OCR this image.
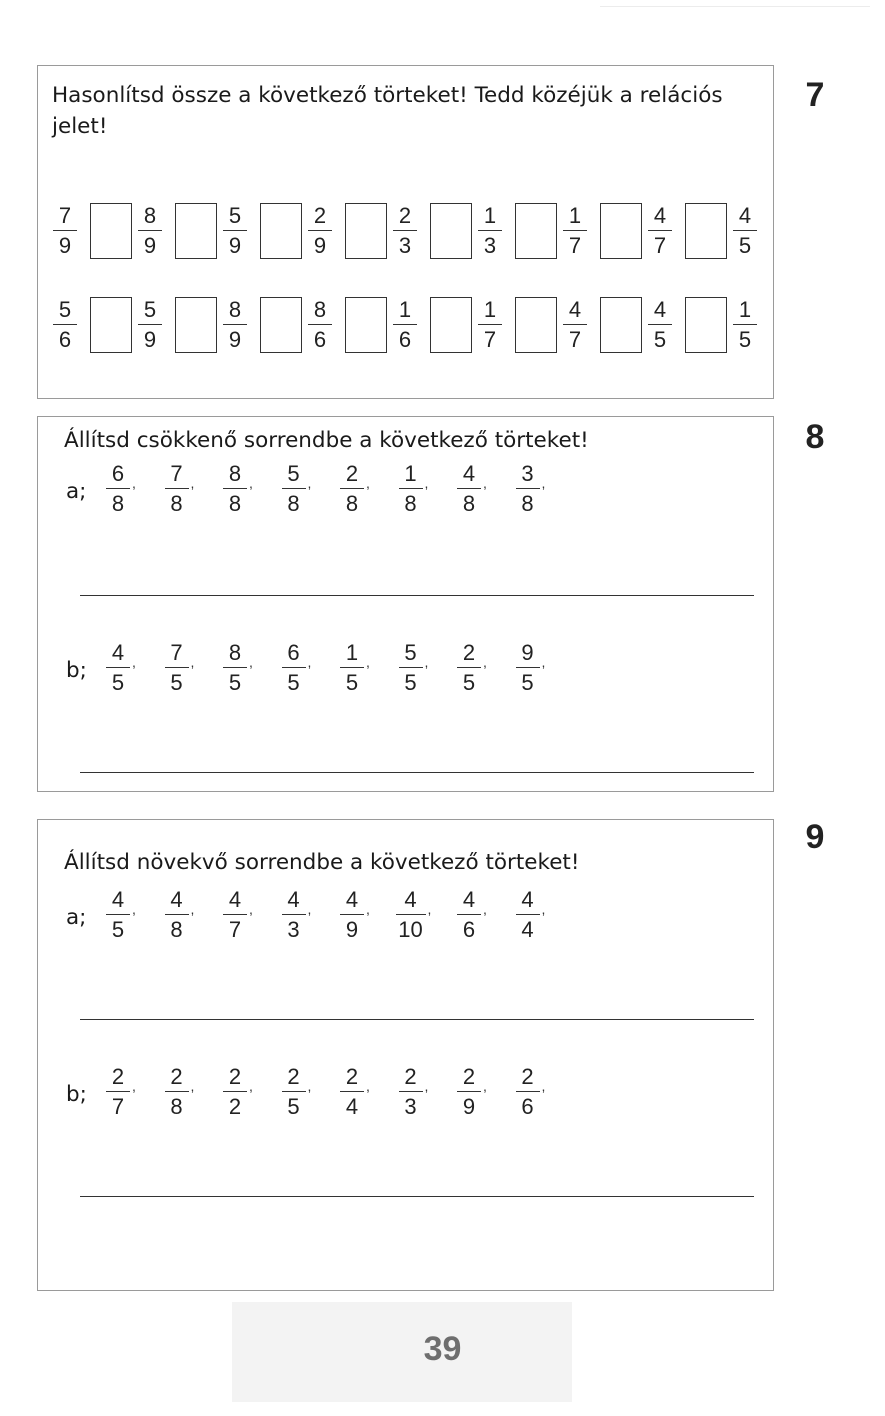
Hasonlítsd össze a következő törteket! Tedd közéjük a relációs jelet!

7
9
8
9
5
9
2
9
2
3
1
3
1
7
4
7
4
5
5
6
5
9
8
9
8
6
1
6
1
7
4
7
4
5
1
5
7

Állítsd csökkenő sorrendbe a következő törteket!

a;
6
8
, 7
8
, 8
8
, 5
8
, 2
8
, 1
8
, 4
8
, 3
8
,
b;
4
5
, 7
5
, 8
5
, 6
5
, 1
5
, 5
5
, 2
5
, 9
5
,
8

Állítsd növekvő sorrendbe a következő törteket!

a;
4
5
, 4
8
, 4
7
, 4
3
, 4
9
,	4
10
, 4
6
, 4
4
,
b;
2
7
, 2
8
, 2
2
, 2
5
, 2
4
, 2
3
, 2
9
, 2
6
,
9
39
